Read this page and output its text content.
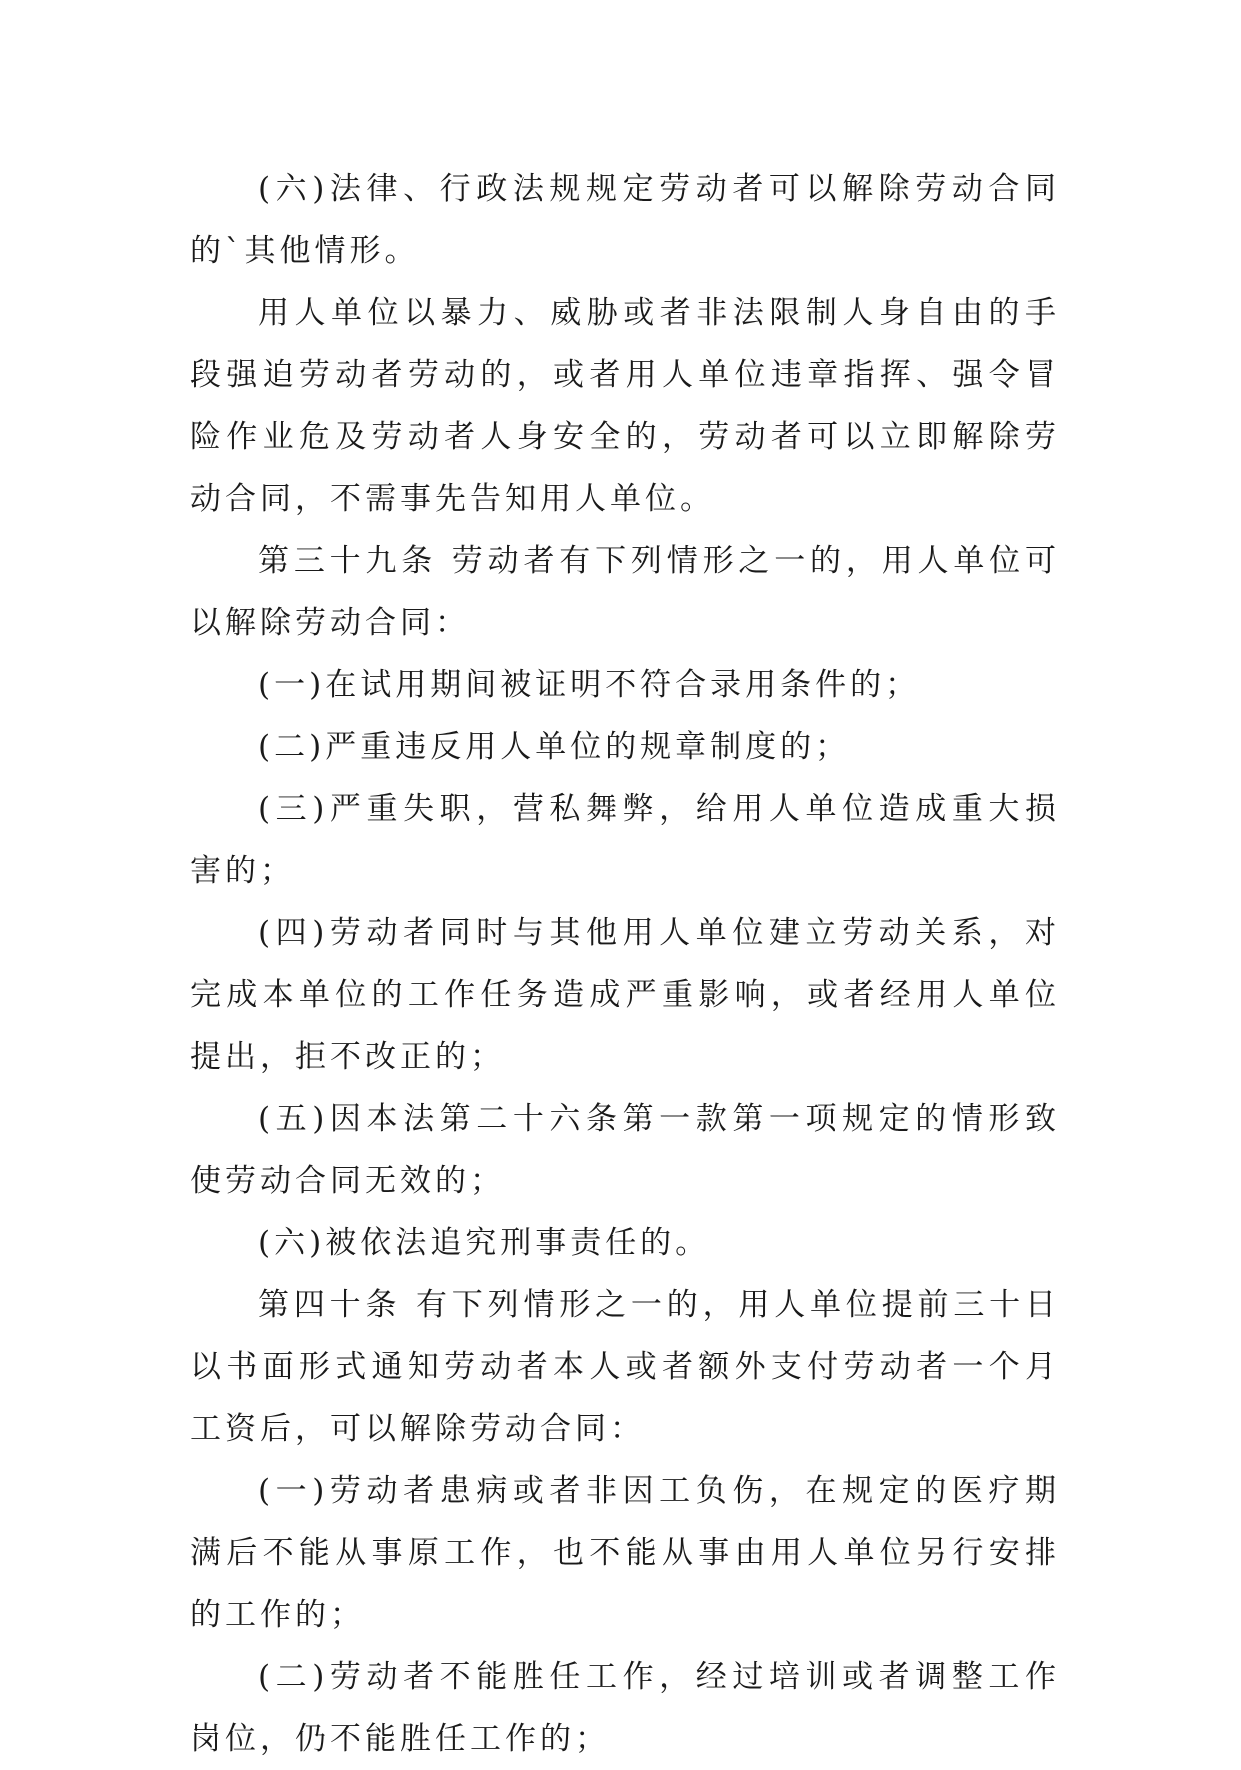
(六)法律、行政法规规定劳动者可以解除劳动合同的`其他情形。

用人单位以暴力、威胁或者非法限制人身自由的手段强迫劳动者劳动的，或者用人单位违章指挥、强令冒险作业危及劳动者人身安全的，劳动者可以立即解除劳动合同，不需事先告知用人单位。

第三十九条 劳动者有下列情形之一的，用人单位可以解除劳动合同：

(一)在试用期间被证明不符合录用条件的；

(二)严重违反用人单位的规章制度的；

(三)严重失职，营私舞弊，给用人单位造成重大损害的；

(四)劳动者同时与其他用人单位建立劳动关系，对完成本单位的工作任务造成严重影响，或者经用人单位提出，拒不改正的；

(五)因本法第二十六条第一款第一项规定的情形致使劳动合同无效的；

(六)被依法追究刑事责任的。

第四十条 有下列情形之一的，用人单位提前三十日以书面形式通知劳动者本人或者额外支付劳动者一个月工资后，可以解除劳动合同：

(一)劳动者患病或者非因工负伤，在规定的医疗期满后不能从事原工作，也不能从事由用人单位另行安排的工作的；

(二)劳动者不能胜任工作，经过培训或者调整工作岗位，仍不能胜任工作的；
